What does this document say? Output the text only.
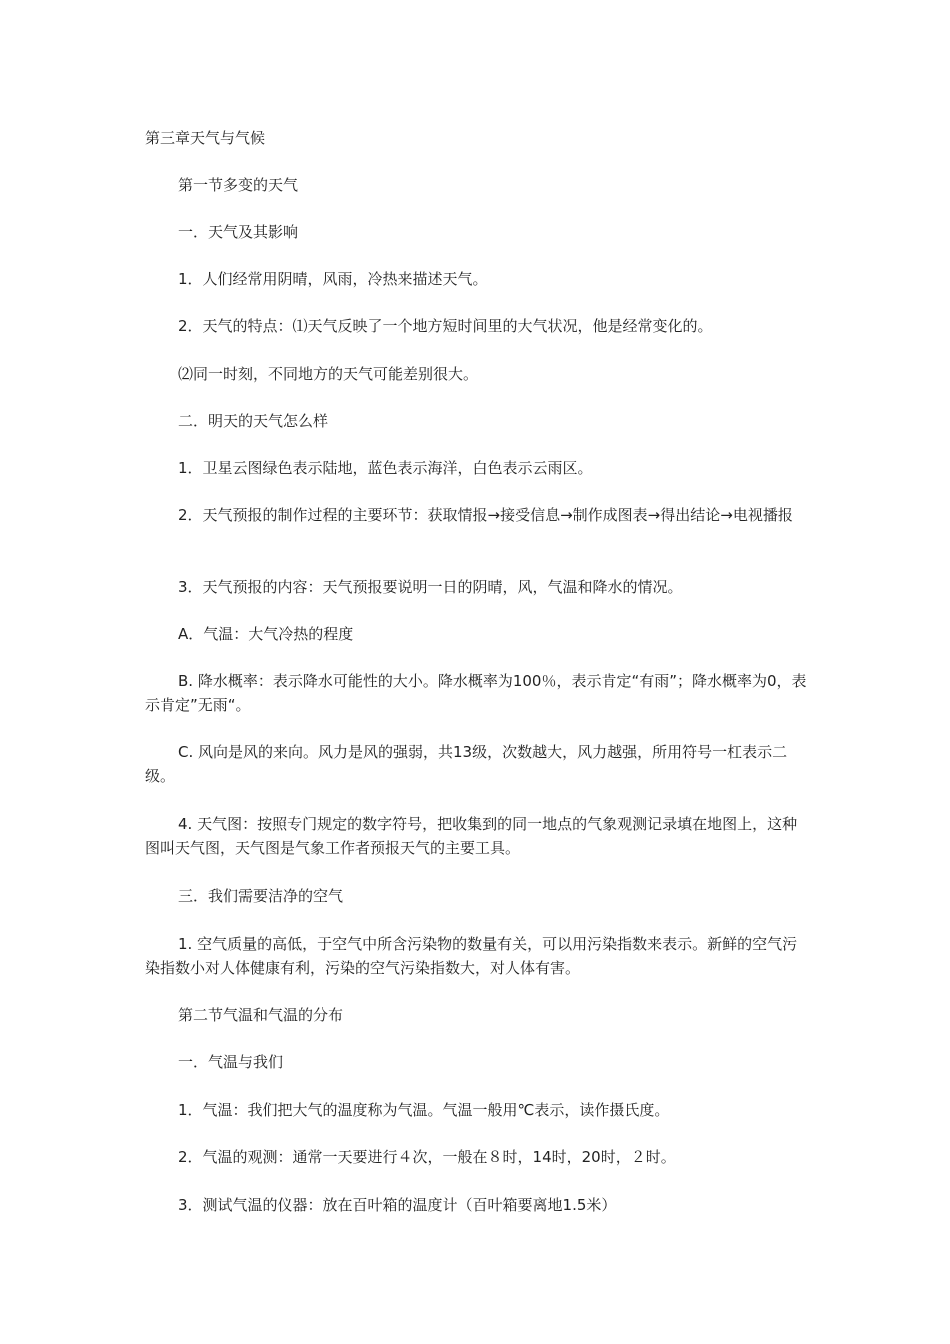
第三章天气与气候
第一节多变的天气
一．天气及其影响
1．人们经常用阴晴，风雨，冷热来描述天气。
2．天气的特点：⑴天气反映了一个地方短时间里的大气状况，他是经常变化的。
⑵同一时刻，不同地方的天气可能差别很大。
二．明天的天气怎么样
1．卫星云图绿色表示陆地，蓝色表示海洋，白色表示云雨区。
2．天气预报的制作过程的主要环节：获取情报→接受信息→制作成图表→得出结论→电视播报
3．天气预报的内容：天气预报要说明一日的阴晴，风，气温和降水的情况。
A．气温：大气冷热的程度
B. 降水概率：表示降水可能性的大小。降水概率为100％，表示肯定“有雨”；降水概率为0，表示肯定”无雨“。
C. 风向是风的来向。风力是风的强弱，共13级，次数越大，风力越强，所用符号一杠表示二级。
4. 天气图：按照专门规定的数字符号，把收集到的同一地点的气象观测记录填在地图上，这种图叫天气图，天气图是气象工作者预报天气的主要工具。
三．我们需要洁净的空气
1. 空气质量的高低，于空气中所含污染物的数量有关，可以用污染指数来表示。新鲜的空气污染指数小对人体健康有利，污染的空气污染指数大，对人体有害。
第二节气温和气温的分布
一．气温与我们
1．气温：我们把大气的温度称为气温。气温一般用℃表示，读作摄氏度。
2．气温的观测：通常一天要进行４次，一般在８时，14时，20时，２时。
3．测试气温的仪器：放在百叶箱的温度计（百叶箱要离地1.5米）
